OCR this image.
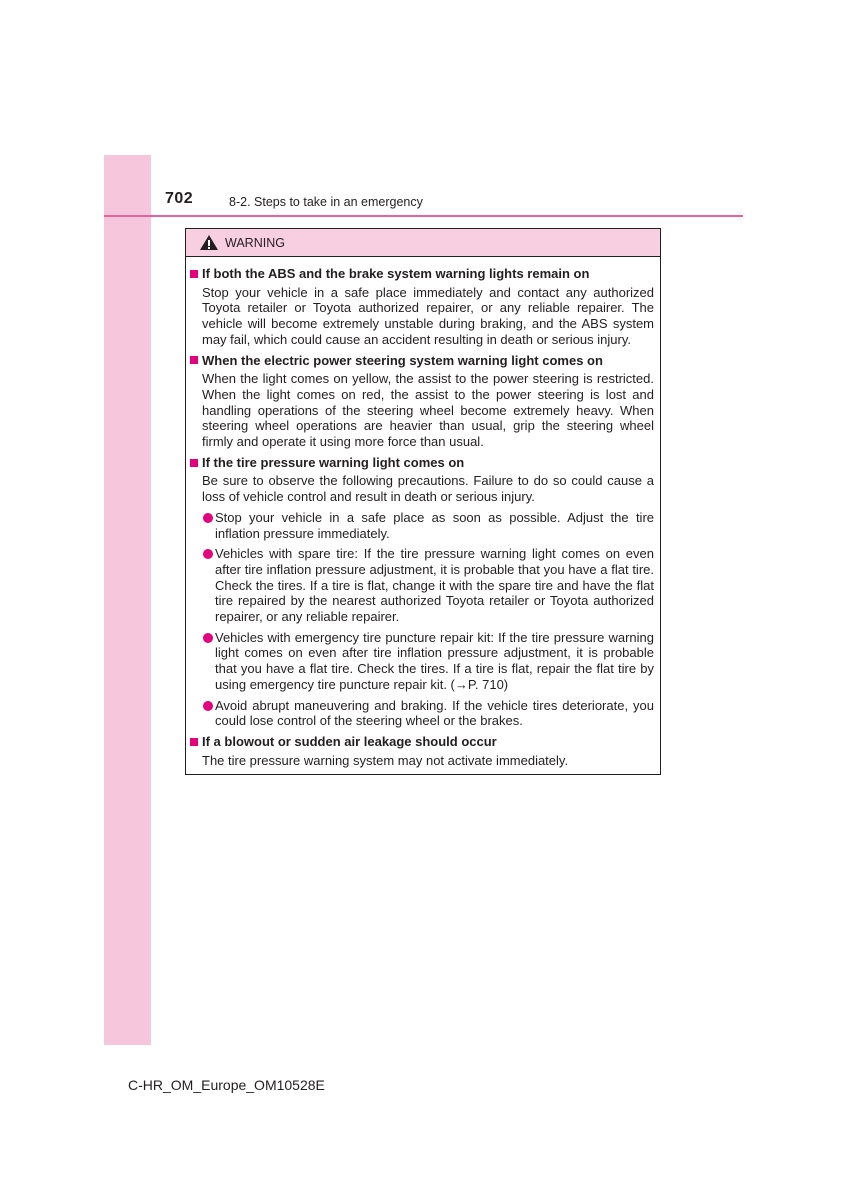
702	8-2. Steps to take in an emergency
WARNING
If both the ABS and the brake system warning lights remain on
Stop your vehicle in a safe place immediately and contact any authorized Toyota retailer or Toyota authorized repairer, or any reliable repairer. The vehicle will become extremely unstable during braking, and the ABS system may fail, which could cause an accident resulting in death or serious injury.
When the electric power steering system warning light comes on
When the light comes on yellow, the assist to the power steering is restricted. When the light comes on red, the assist to the power steering is lost and handling operations of the steering wheel become extremely heavy. When steering wheel operations are heavier than usual, grip the steering wheel firmly and operate it using more force than usual.
If the tire pressure warning light comes on
Be sure to observe the following precautions. Failure to do so could cause a loss of vehicle control and result in death or serious injury.
Stop your vehicle in a safe place as soon as possible. Adjust the tire inflation pressure immediately.
Vehicles with spare tire: If the tire pressure warning light comes on even after tire inflation pressure adjustment, it is probable that you have a flat tire. Check the tires. If a tire is flat, change it with the spare tire and have the flat tire repaired by the nearest authorized Toyota retailer or Toyota authorized repairer, or any reliable repairer.
Vehicles with emergency tire puncture repair kit: If the tire pressure warning light comes on even after tire inflation pressure adjustment, it is probable that you have a flat tire. Check the tires. If a tire is flat, repair the flat tire by using emergency tire puncture repair kit. (→P. 710)
Avoid abrupt maneuvering and braking. If the vehicle tires deteriorate, you could lose control of the steering wheel or the brakes.
If a blowout or sudden air leakage should occur
The tire pressure warning system may not activate immediately.
C-HR_OM_Europe_OM10528E
